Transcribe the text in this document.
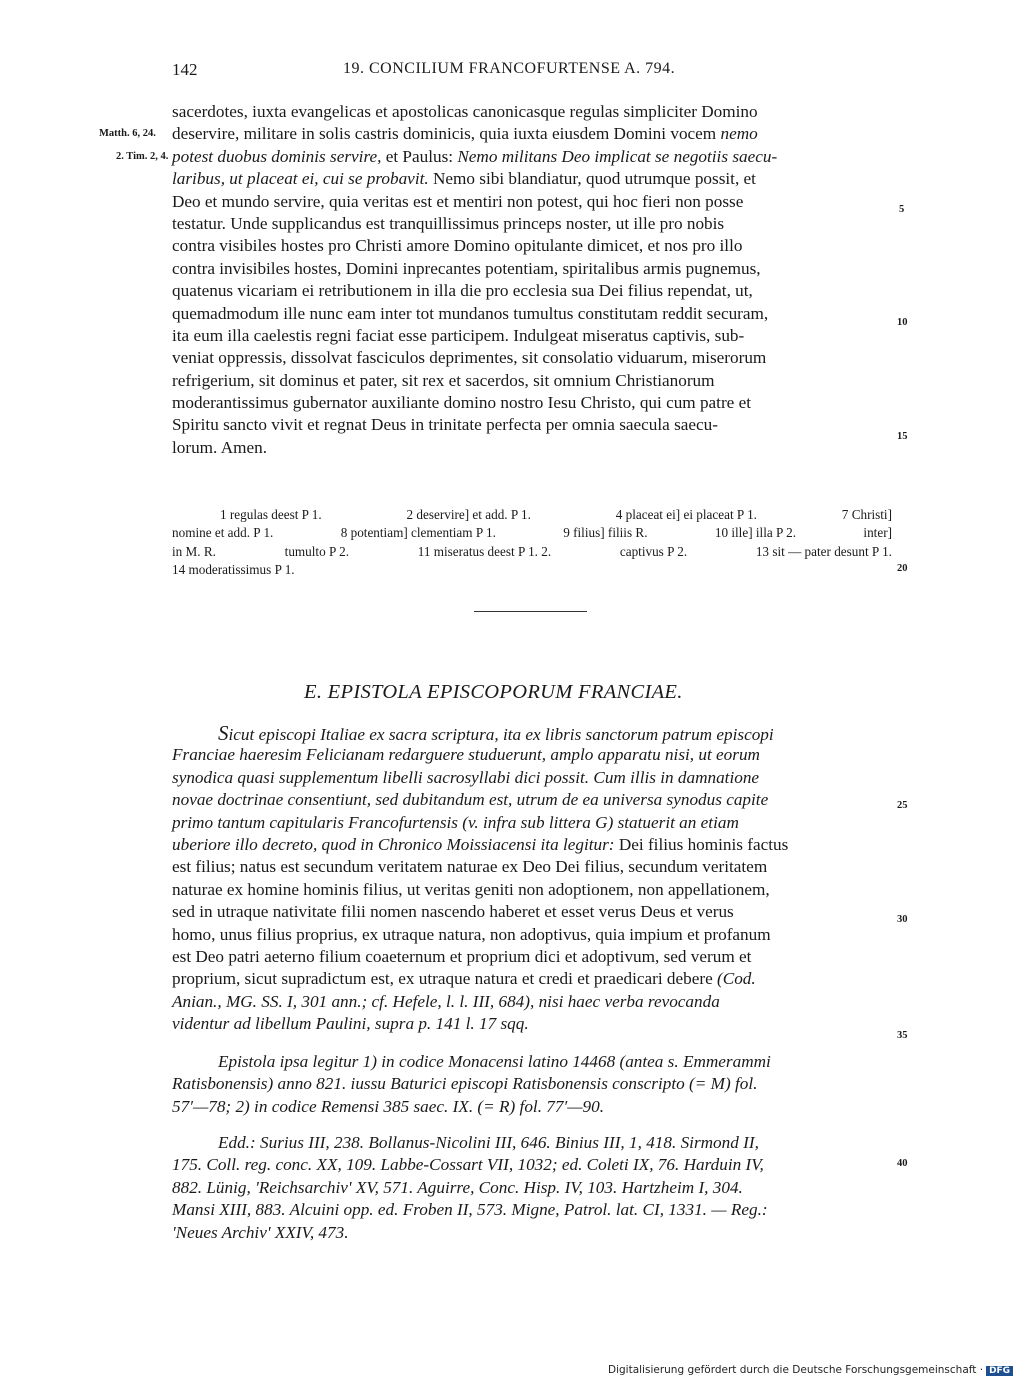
142	19. CONCILIUM FRANCOFURTENSE A. 794.
Matth. 6, 24.
2. Tim. 2, 4.
sacerdotes, iuxta evangelicas et apostolicas canonicasque regulas simpliciter Domino
deservire, militare in solis castris dominicis, quia iuxta eiusdem Domini vocem nemo
potest duobus dominis servire, et Paulus: Nemo militans Deo implicat se negotiis saecu-
laribus, ut placeat ei, cui se probavit. Nemo sibi blandiatur, quod utrumque possit, et
Deo et mundo servire, quia veritas est et mentiri non potest, qui hoc fieri non posse
testatur. Unde supplicandus est tranquillissimus princeps noster, ut ille pro nobis
contra visibiles hostes pro Christi amore Domino opitulante dimicet, et nos pro illo
contra invisibiles hostes, Domini inprecantes potentiam, spiritalibus armis pugnemus,
quatenus vicariam ei retributionem in illa die pro ecclesia sua Dei filius rependat, ut,
quemadmodum ille nunc eam inter tot mundanos tumultus constitutam reddit securam,
ita eum illa caelestis regni faciat esse participem. Indulgeat miseratus captivis, sub-
veniat oppressis, dissolvat fasciculos deprimentes, sit consolatio viduarum, miserorum
refrigerium, sit dominus et pater, sit rex et sacerdos, sit omnium Christianorum
moderantissimus gubernator auxiliante domino nostro Iesu Christo, qui cum patre et
Spiritu sancto vivit et regnat Deus in trinitate perfecta per omnia saecula saecu-
lorum. Amen.
5
10
15
20
25
30
35
40
1 regulas deest P 1.	2 deservire] et add. P 1.	4 placeat ei] ei placeat P 1.	7 Christi]
nomine et add. P 1.	8 potentiam] clementiam P 1.	9 filius] filiis R.	10 ille] illa P 2.	inter]
in M. R.	tumulto P 2.	11 miseratus deest P 1. 2.	captivus P 2.	13 sit — pater desunt P 1.
14 moderatissimus P 1.
E. EPISTOLA EPISCOPORUM FRANCIAE.
Sicut episcopi Italiae ex sacra scriptura, ita ex libris sanctorum patrum episcopi
Franciae haeresim Felicianam redarguere studuerunt, amplo apparatu nisi, ut eorum
synodica quasi supplementum libelli sacrosyllabi dici possit. Cum illis in damnatione
novae doctrinae consentiunt, sed dubitandum est, utrum de ea universa synodus capite
primo tantum capitularis Francofurtensis (v. infra sub littera G) statuerit an etiam
uberiore illo decreto, quod in Chronico Moissiacensi ita legitur: Dei filius hominis factus
est filius; natus est secundum veritatem naturae ex Deo Dei filius, secundum veritatem
naturae ex homine hominis filius, ut veritas geniti non adoptionem, non appellationem,
sed in utraque nativitate filii nomen nascendo haberet et esset verus Deus et verus
homo, unus filius proprius, ex utraque natura, non adoptivus, quia impium et profanum
est Deo patri aeterno filium coaeternum et proprium dici et adoptivum, sed verum et
proprium, sicut supradictum est, ex utraque natura et credi et praedicari debere (Cod.
Anian., MG. SS. I, 301 ann.; cf. Hefele, l. l. III, 684), nisi haec verba revocanda
videntur ad libellum Paulini, supra p. 141 l. 17 sqq.
Epistola ipsa legitur 1) in codice Monacensi latino 14468 (antea s. Emmerammi
Ratisbonensis) anno 821. iussu Baturici episcopi Ratisbonensis conscripto (= M) fol.
57′—78; 2) in codice Remensi 385 saec. IX. (= R) fol. 77′—90.
Edd.: Surius III, 238. Bollanus-Nicolini III, 646. Binius III, 1, 418. Sirmond II,
175. Coll. reg. conc. XX, 109. Labbe-Cossart VII, 1032; ed. Coleti IX, 76. Harduin IV,
882. Lünig, 'Reichsarchiv' XV, 571. Aguirre, Conc. Hisp. IV, 103. Hartzheim I, 304.
Mansi XIII, 883. Alcuini opp. ed. Froben II, 573. Migne, Patrol. lat. CI, 1331. — Reg.:
'Neues Archiv' XXIV, 473.
Digitalisierung gefördert durch die Deutsche Forschungsgemeinschaft · DFG
